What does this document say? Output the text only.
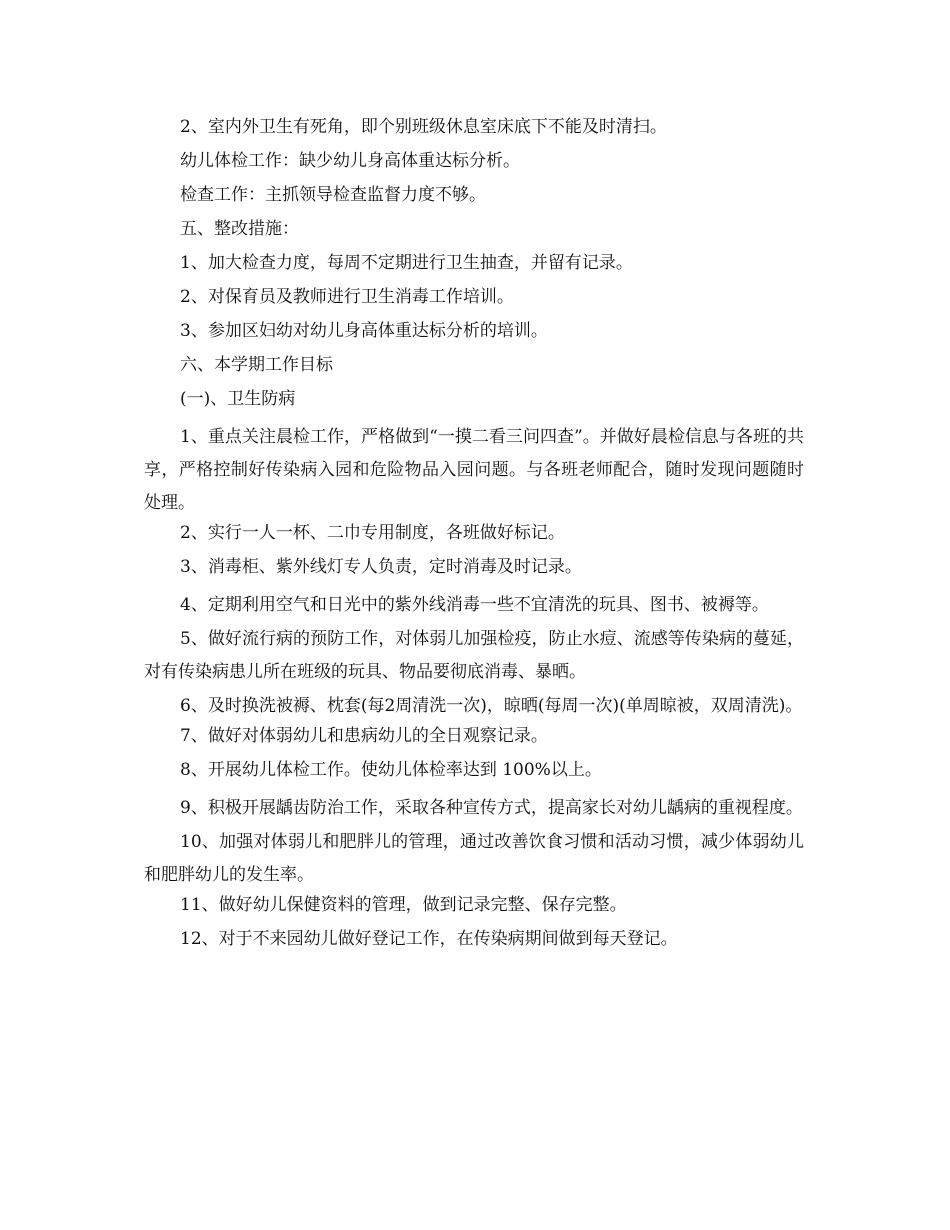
2、室内外卫生有死角，即个别班级休息室床底下不能及时清扫。

幼儿体检工作：缺少幼儿身高体重达标分析。

检查工作：主抓领导检查监督力度不够。

五、整改措施：

1、加大检查力度，每周不定期进行卫生抽查，并留有记录。

2、对保育员及教师进行卫生消毒工作培训。

3、参加区妇幼对幼儿身高体重达标分析的培训。

六、本学期工作目标

(一)、卫生防病

1、重点关注晨检工作，严格做到“一摸二看三问四查”。并做好晨检信息与各班的共享，严格控制好传染病入园和危险物品入园问题。与各班老师配合，随时发现问题随时处理。

2、实行一人一杯、二巾专用制度，各班做好标记。

3、消毒柜、紫外线灯专人负责，定时消毒及时记录。

4、定期利用空气和日光中的紫外线消毒一些不宜清洗的玩具、图书、被褥等。

5、做好流行病的预防工作，对体弱儿加强检疫，防止水痘、流感等传染病的蔓延，对有传染病患儿所在班级的玩具、物品要彻底消毒、暴晒。

6、及时换洗被褥、枕套(每2周清洗一次)，晾晒(每周一次)(单周晾被，双周清洗)。

7、做好对体弱幼儿和患病幼儿的全日观察记录。

8、开展幼儿体检工作。使幼儿体检率达到 100%以上。

9、积极开展龋齿防治工作，采取各种宣传方式，提高家长对幼儿龋病的重视程度。

10、加强对体弱儿和肥胖儿的管理，通过改善饮食习惯和活动习惯，减少体弱幼儿和肥胖幼儿的发生率。

11、做好幼儿保健资料的管理，做到记录完整、保存完整。

12、对于不来园幼儿做好登记工作，在传染病期间做到每天登记。
